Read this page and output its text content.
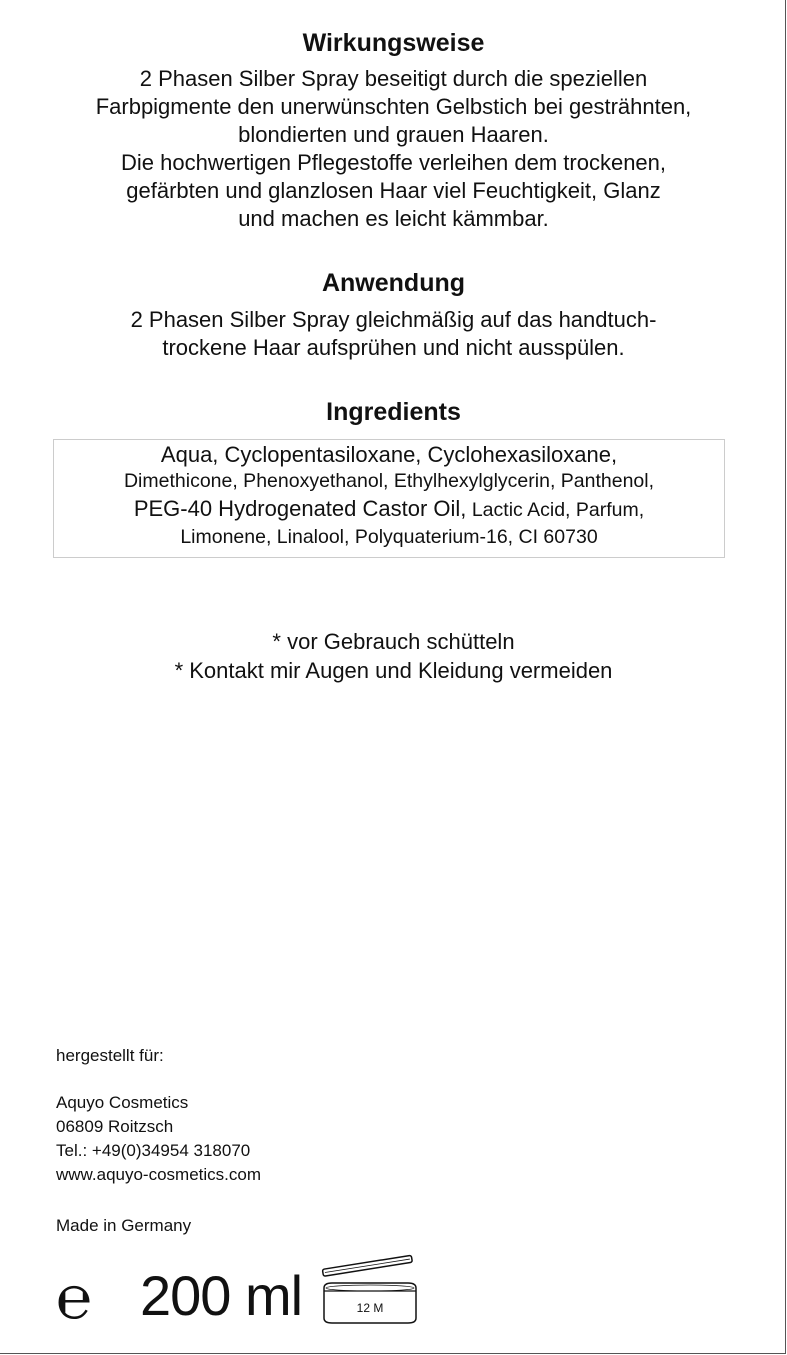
Wirkungsweise
2 Phasen Silber Spray beseitigt durch die speziellen
Farbpigmente den unerwünschten Gelbstich bei gesträhnten,
blondierten und grauen Haaren.
Die hochwertigen Pflegestoffe verleihen dem trockenen,
gefärbten und glanzlosen Haar viel Feuchtigkeit, Glanz
und machen es leicht kämmbar.
Anwendung
2 Phasen Silber Spray gleichmäßig auf das handtuch-
trockene Haar aufsprühen und nicht ausspülen.
Ingredients
Aqua, Cyclopentasiloxane, Cyclohexasiloxane,
Dimethicone, Phenoxyethanol, Ethylhexylglycerin, Panthenol,
PEG-40 Hydrogenated Castor Oil, Lactic Acid, Parfum,
Limonene, Linalool, Polyquaterium-16, CI 60730
* vor Gebrauch schütteln
* Kontakt mir Augen und Kleidung vermeiden
hergestellt für:
Aquyo Cosmetics
06809 Roitzsch
Tel.: +49(0)34954 318070
www.aquyo-cosmetics.com
Made in Germany
℮ 200 ml	12 M
